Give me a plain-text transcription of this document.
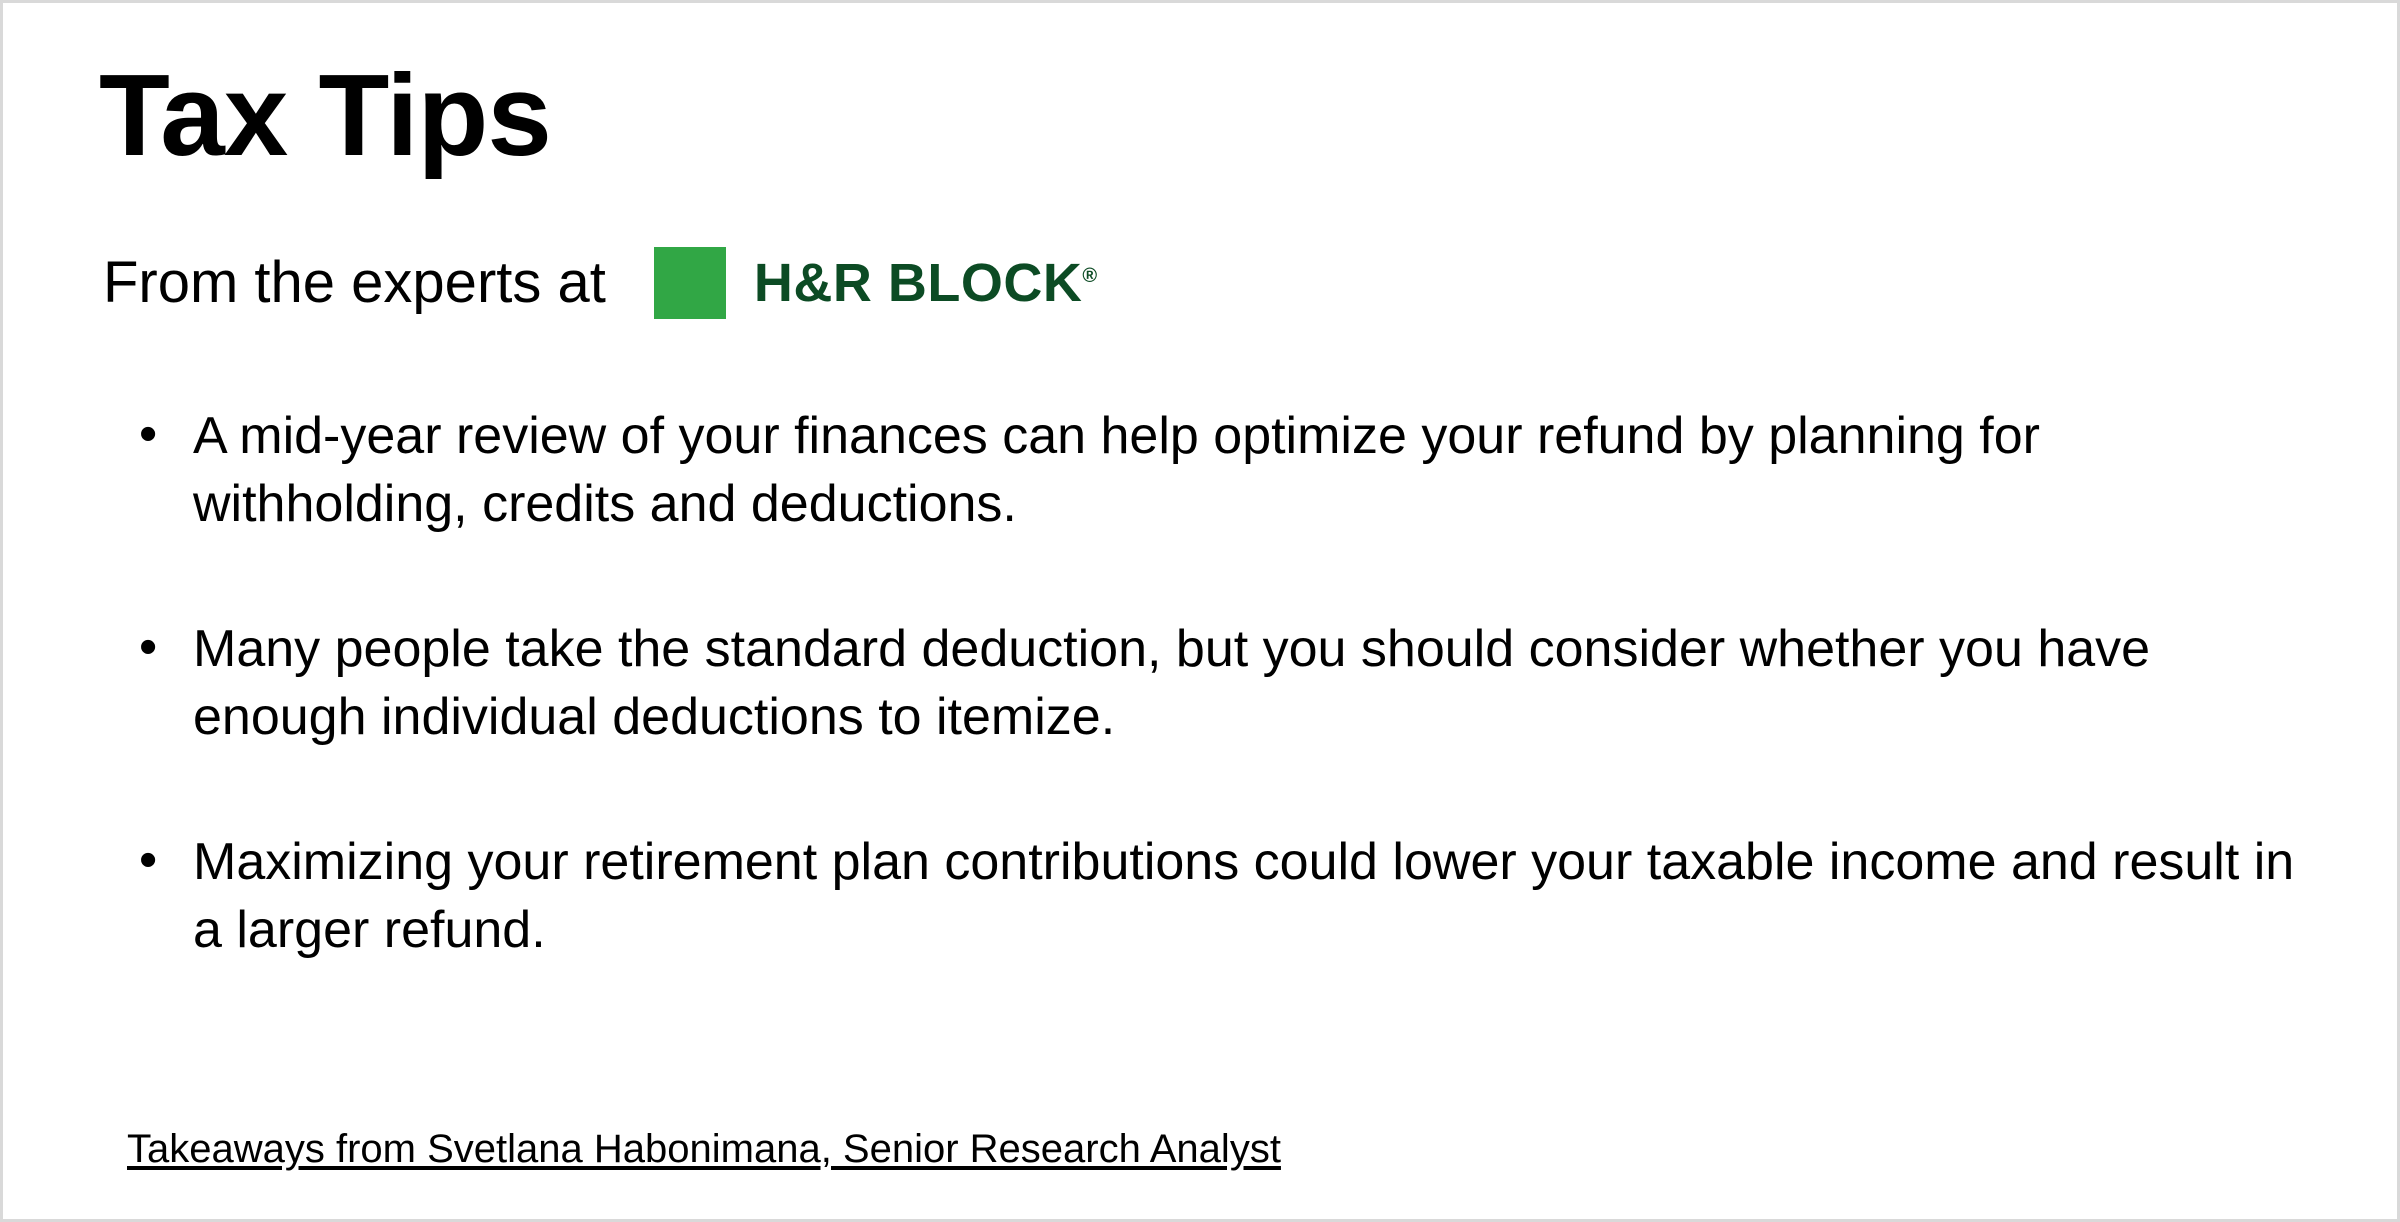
Tax Tips
From the experts at	H&R BLOCK®
• A mid-year review of your finances can help optimize your refund by planning for withholding, credits and deductions.
• Many people take the standard deduction, but you should consider whether you have enough individual deductions to itemize.
• Maximizing your retirement plan contributions could lower your taxable income and result in a larger refund.
Takeaways from Svetlana Habonimana, Senior Research Analyst
